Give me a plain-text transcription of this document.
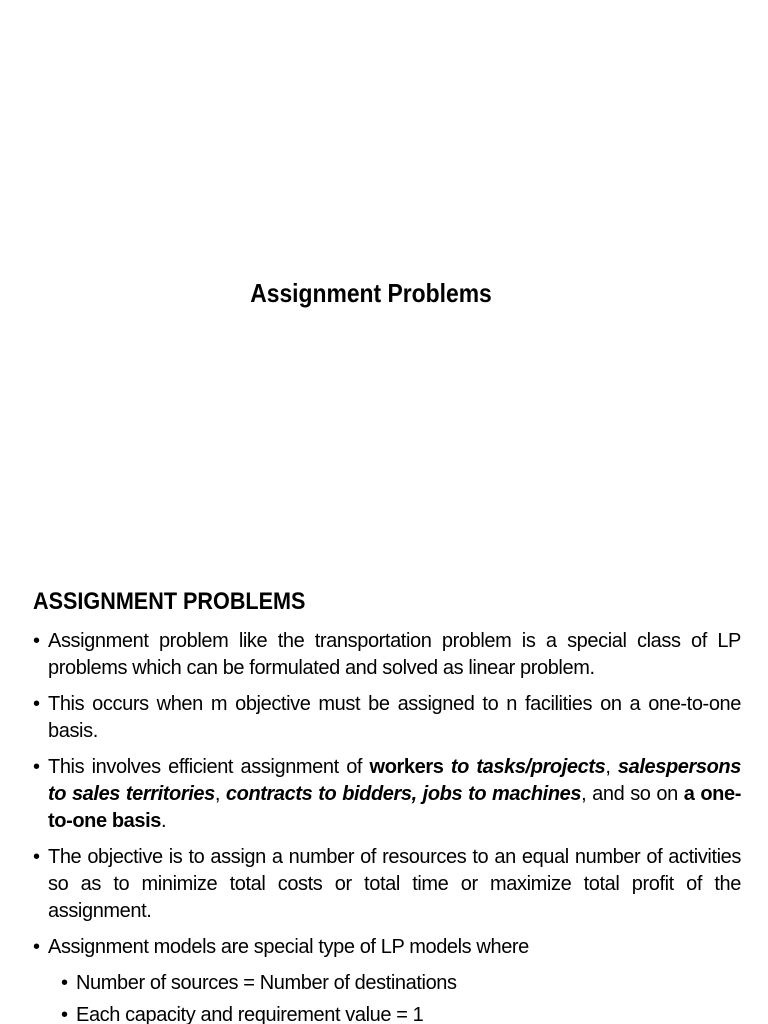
Assignment Problems
ASSIGNMENT PROBLEMS
• Assignment problem like the transportation problem is a special class of LP problems which can be formulated and solved as linear problem.
• This occurs when m objective must be assigned to n facilities on a one-to-one basis.
• This involves efficient assignment of workers to tasks/projects, salespersons to sales territories, contracts to bidders, jobs to machines, and so on a one-to-one basis.
• The objective is to assign a number of resources to an equal number of activities so as to minimize total costs or total time or maximize total profit of the assignment.
• Assignment models are special type of LP models where
• Number of sources = Number of destinations
• Each capacity and requirement value = 1
